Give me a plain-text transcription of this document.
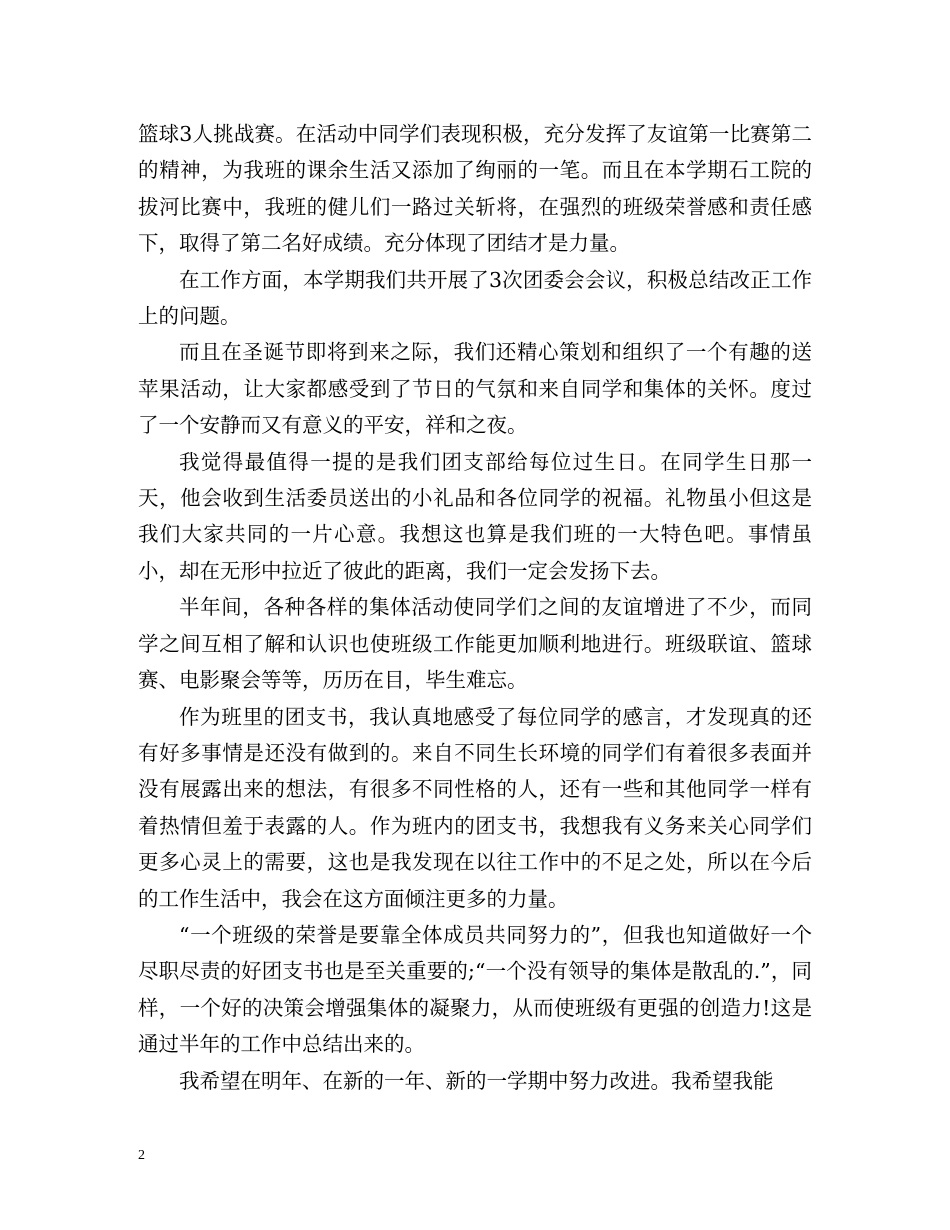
篮球3人挑战赛。在活动中同学们表现积极，充分发挥了友谊第一比赛第二的精神，为我班的课余生活又添加了绚丽的一笔。而且在本学期石工院的拔河比赛中，我班的健儿们一路过关斩将，在强烈的班级荣誉感和责任感下，取得了第二名好成绩。充分体现了团结才是力量。

在工作方面，本学期我们共开展了3次团委会会议，积极总结改正工作上的问题。

而且在圣诞节即将到来之际，我们还精心策划和组织了一个有趣的送苹果活动，让大家都感受到了节日的气氛和来自同学和集体的关怀。度过了一个安静而又有意义的平安，祥和之夜。

我觉得最值得一提的是我们团支部给每位过生日。在同学生日那一天，他会收到生活委员送出的小礼品和各位同学的祝福。礼物虽小但这是我们大家共同的一片心意。我想这也算是我们班的一大特色吧。事情虽小，却在无形中拉近了彼此的距离，我们一定会发扬下去。

半年间，各种各样的集体活动使同学们之间的友谊增进了不少，而同学之间互相了解和认识也使班级工作能更加顺利地进行。班级联谊、篮球赛、电影聚会等等，历历在目，毕生难忘。

作为班里的团支书，我认真地感受了每位同学的感言，才发现真的还有好多事情是还没有做到的。来自不同生长环境的同学们有着很多表面并没有展露出来的想法，有很多不同性格的人，还有一些和其他同学一样有着热情但羞于表露的人。作为班内的团支书，我想我有义务来关心同学们更多心灵上的需要，这也是我发现在以往工作中的不足之处，所以在今后的工作生活中，我会在这方面倾注更多的力量。

“一个班级的荣誉是要靠全体成员共同努力的”，但我也知道做好一个尽职尽责的好团支书也是至关重要的;“一个没有领导的集体是散乱的.”，同样，一个好的决策会增强集体的凝聚力，从而使班级有更强的创造力!这是通过半年的工作中总结出来的。

我希望在明年、在新的一年、新的一学期中努力改进。我希望我能

2
